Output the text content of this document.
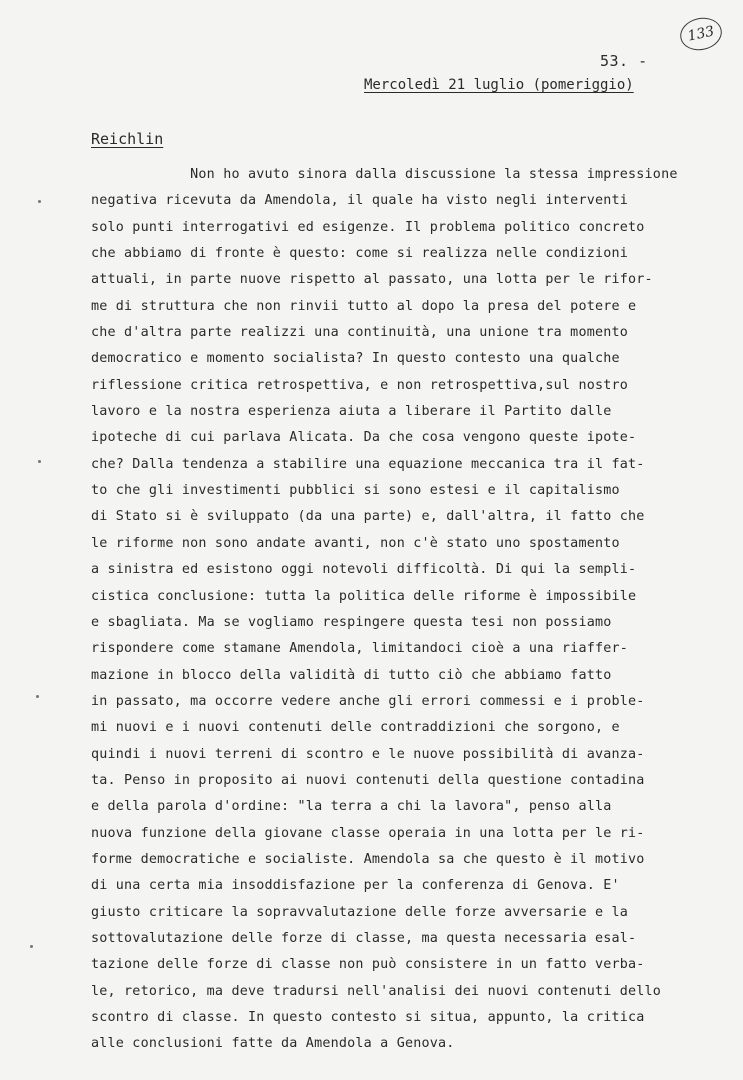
133
53. -
Mercoledì 21 luglio (pomeriggio)
Reichlin
Non ho avuto sinora dalla discussione la stessa impressione
negativa ricevuta da Amendola, il quale ha visto negli interventi
solo punti interrogativi ed esigenze. Il problema politico concreto
che abbiamo di fronte è questo: come si realizza nelle condizioni
attuali, in parte nuove rispetto al passato, una lotta per le rifor-
me di struttura che non rinvii tutto al dopo la presa del potere e
che d'altra parte realizzi una continuità, una unione tra momento
democratico e momento socialista? In questo contesto una qualche
riflessione critica retrospettiva, e non retrospettiva,sul nostro
lavoro e la nostra esperienza aiuta a liberare il Partito dalle
ipoteche di cui parlava Alicata. Da che cosa vengono queste ipote-
che? Dalla tendenza a stabilire una equazione meccanica tra il fat-
to che gli investimenti pubblici si sono estesi e il capitalismo
di Stato si è sviluppato (da una parte) e, dall'altra, il fatto che
le riforme non sono andate avanti, non c'è stato uno spostamento
a sinistra ed esistono oggi notevoli difficoltà. Di qui la sempli-
cistica conclusione: tutta la politica delle riforme è impossibile
e sbagliata. Ma se vogliamo respingere questa tesi non possiamo
rispondere come stamane Amendola, limitandoci cioè a una riaffer-
mazione in blocco della validità di tutto ciò che abbiamo fatto
in passato, ma occorre vedere anche gli errori commessi e i proble-
mi nuovi e i nuovi contenuti delle contraddizioni che sorgono, e
quindi i nuovi terreni di scontro e le nuove possibilità di avanza-
ta. Penso in proposito ai nuovi contenuti della questione contadina
e della parola d'ordine: "la terra a chi la lavora", penso alla
nuova funzione della giovane classe operaia in una lotta per le ri-
forme democratiche e socialiste. Amendola sa che questo è il motivo
di una certa mia insoddisfazione per la conferenza di Genova. E'
giusto criticare la sopravvalutazione delle forze avversarie e la
sottovalutazione delle forze di classe, ma questa necessaria esal-
tazione delle forze di classe non può consistere in un fatto verba-
le, retorico, ma deve tradursi nell'analisi dei nuovi contenuti dello
scontro di classe. In questo contesto si situa, appunto, la critica
alle conclusioni fatte da Amendola a Genova.
